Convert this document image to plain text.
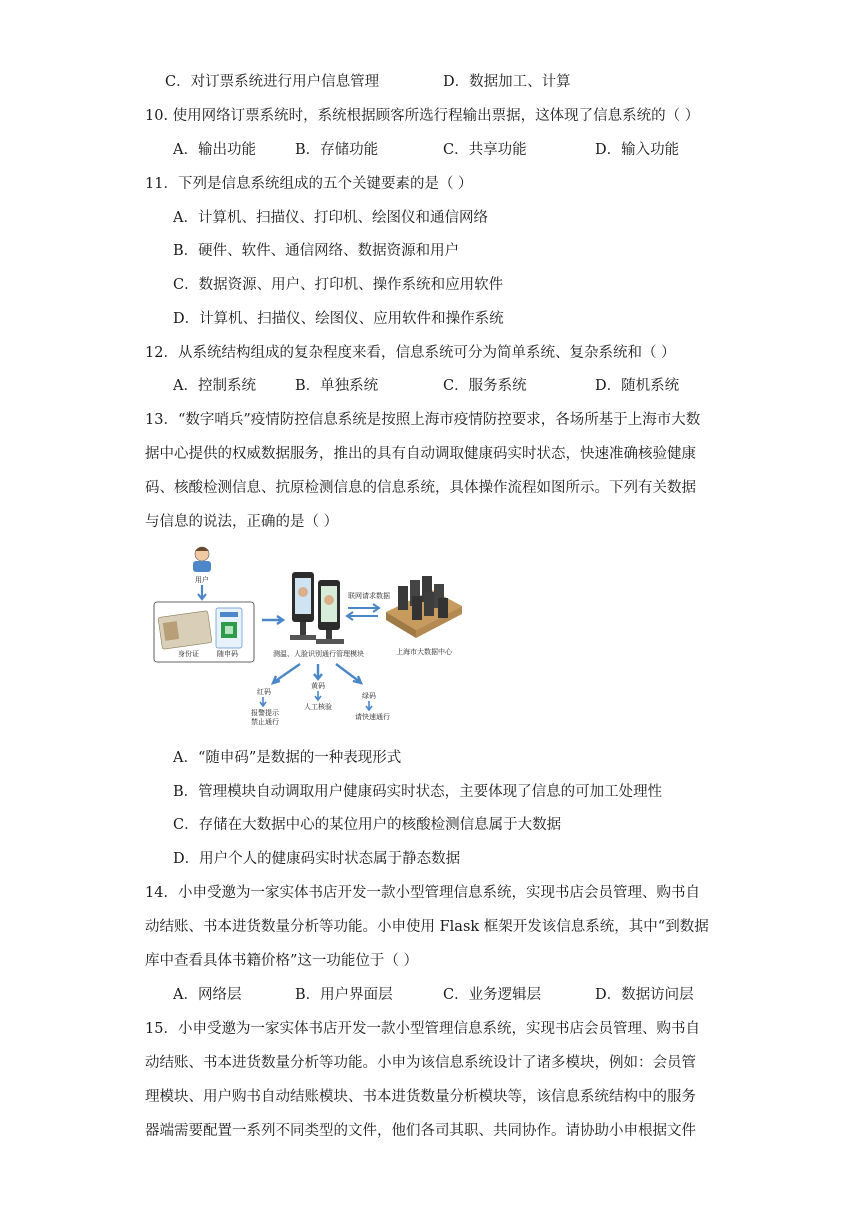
C．对订票系统进行用户信息管理	D．数据加工、计算
10. 使用网络订票系统时，系统根据顾客所选行程输出票据，这体现了信息系统的（ ）
A．输出功能	B．存储功能	C．共享功能	D．输入功能
11．下列是信息系统组成的五个关键要素的是（ ）
A．计算机、扫描仪、打印机、绘图仪和通信网络
B．硬件、软件、通信网络、数据资源和用户
C．数据资源、用户、打印机、操作系统和应用软件
D．计算机、扫描仪、绘图仪、应用软件和操作系统
12．从系统结构组成的复杂程度来看，信息系统可分为简单系统、复杂系统和（ ）
A．控制系统	B．单独系统	C．服务系统	D．随机系统
13．“数字哨兵”疫情防控信息系统是按照上海市疫情防控要求，各场所基于上海市大数
据中心提供的权威数据服务，推出的具有自动调取健康码实时状态，快速准确核验健康
码、核酸检测信息、抗原检测信息的信息系统，具体操作流程如图所示。下列有关数据
与信息的说法，正确的是（ ）
用户
身份证	随申码	测温、人脸识别通行管理模块
联网请求数据
上海市大数据中心
红码
报警提示
禁止通行
黄码
人工核验
绿码
请快速通行
A．“随申码”是数据的一种表现形式
B．管理模块自动调取用户健康码实时状态，主要体现了信息的可加工处理性
C．存储在大数据中心的某位用户的核酸检测信息属于大数据
D．用户个人的健康码实时状态属于静态数据
14．小申受邀为一家实体书店开发一款小型管理信息系统，实现书店会员管理、购书自
动结账、书本进货数量分析等功能。小申使用 Flask 框架开发该信息系统，其中“到数据
库中查看具体书籍价格”这一功能位于（ ）
A．网络层	B．用户界面层	C．业务逻辑层	D．数据访问层
15．小申受邀为一家实体书店开发一款小型管理信息系统，实现书店会员管理、购书自
动结账、书本进货数量分析等功能。小申为该信息系统设计了诸多模块，例如：会员管
理模块、用户购书自动结账模块、书本进货数量分析模块等，该信息系统结构中的服务
器端需要配置一系列不同类型的文件，他们各司其职、共同协作。请协助小申根据文件
